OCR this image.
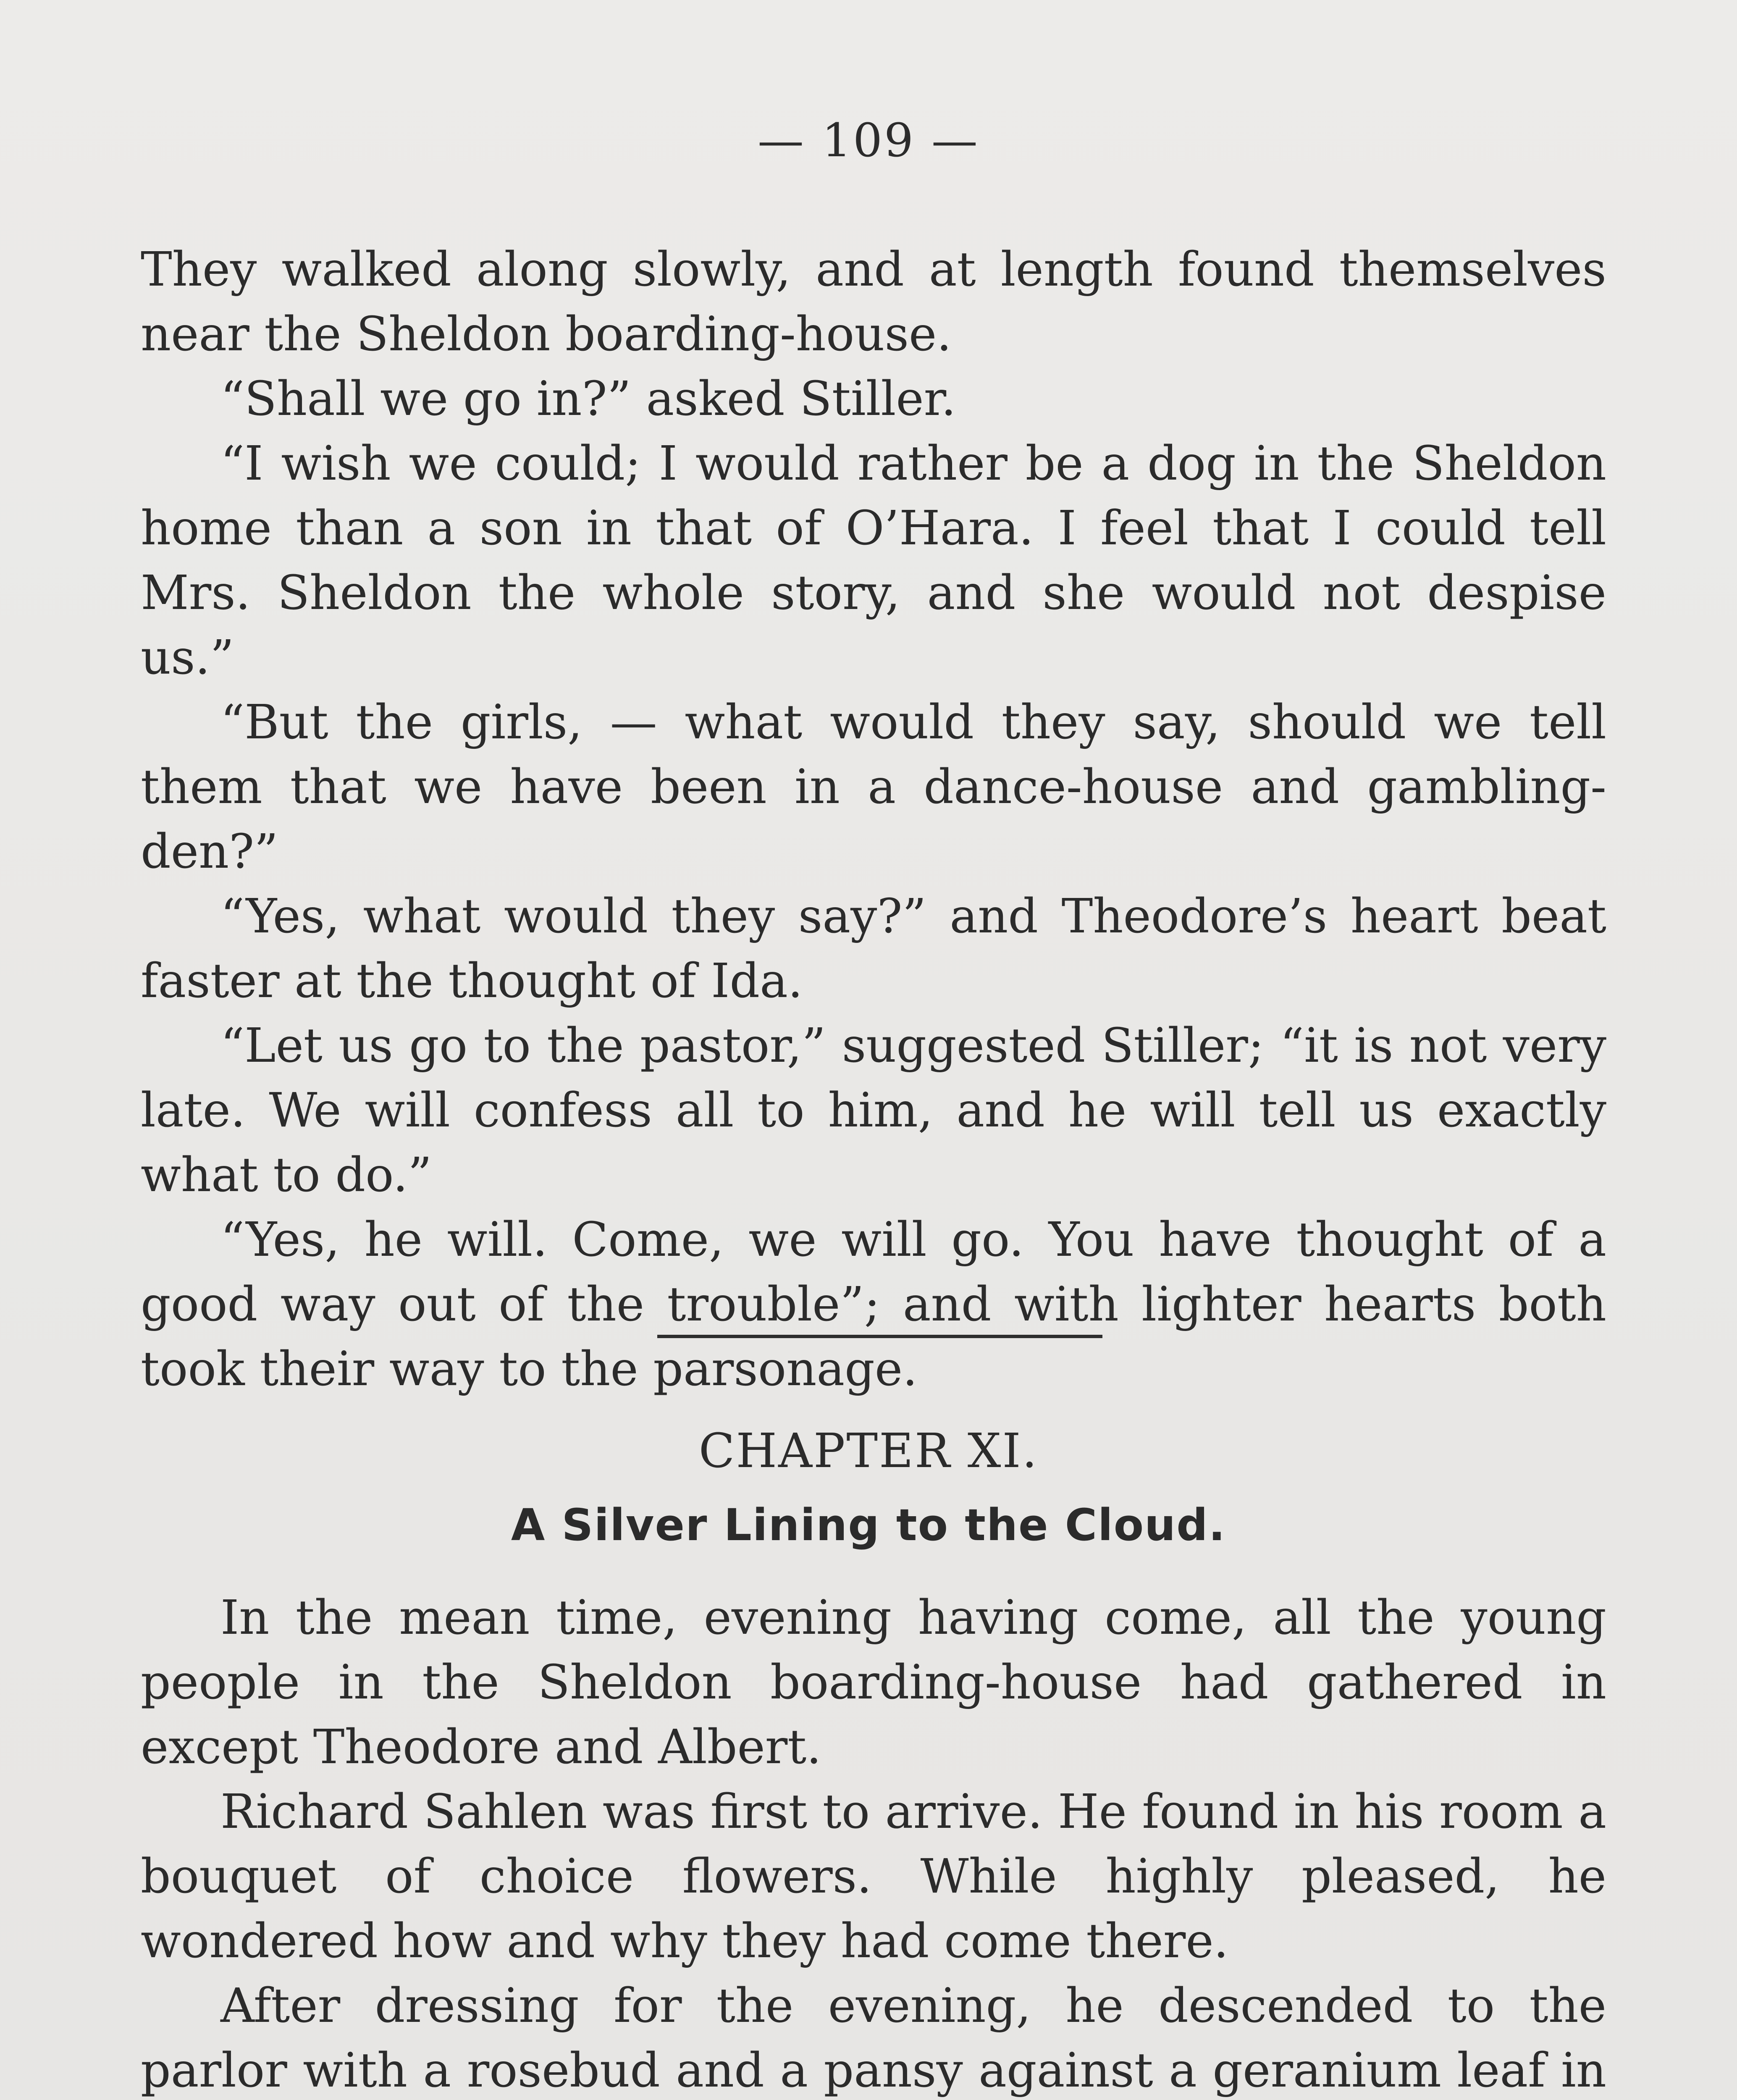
— 109 —

They walked along slowly, and at length found themselves near the Sheldon boarding-house.

“Shall we go in?” asked Stiller.

“I wish we could; I would rather be a dog in the Sheldon home than a son in that of O’Hara. I feel that I could tell Mrs. Sheldon the whole story, and she would not despise us.”

“But the girls, — what would they say, should we tell them that we have been in a dance-house and gambling-den?”

“Yes, what would they say?” and Theodore’s heart beat faster at the thought of Ida.

“Let us go to the pastor,” suggested Stiller; “it is not very late. We will confess all to him, and he will tell us exactly what to do.”

“Yes, he will. Come, we will go. You have thought of a good way out of the trouble”; and with lighter hearts both took their way to the parsonage.

CHAPTER XI.
A Silver Lining to the Cloud.

In the mean time, evening having come, all the young people in the Sheldon boarding-house had gathered in except Theodore and Albert.

Richard Sahlen was first to arrive. He found in his room a bouquet of choice flowers. While highly pleased, he wondered how and why they had come there.

After dressing for the evening, he descended to the parlor with a rosebud and a pansy against a geranium leaf in
